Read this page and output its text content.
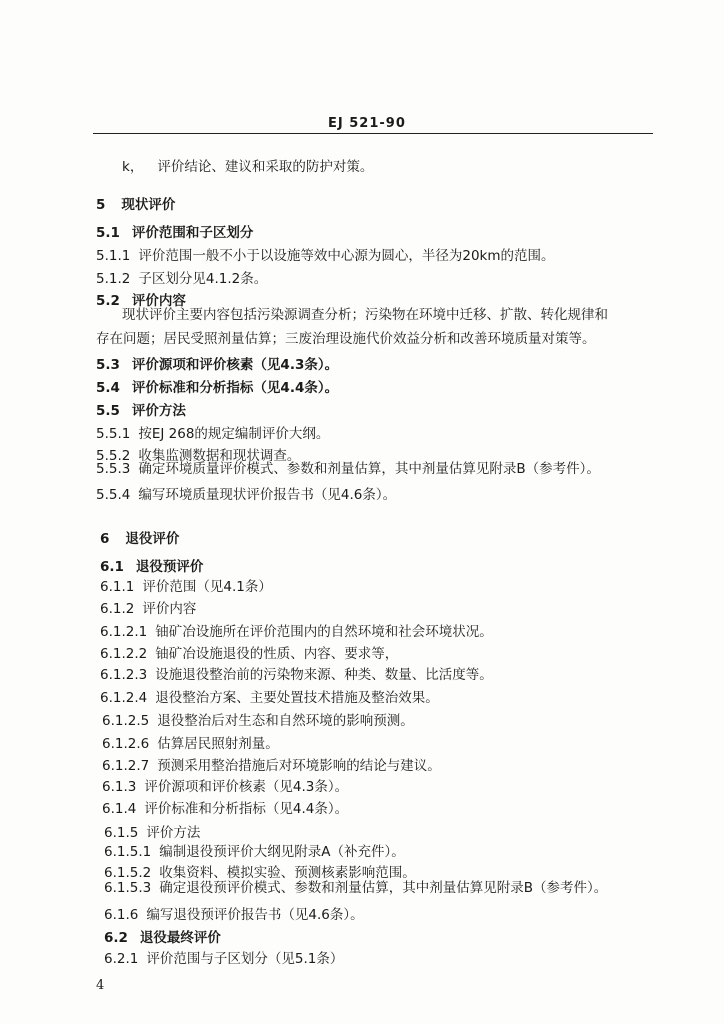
EJ 521-90
k， 评价结论、建议和采取的防护对策。
5 现状评价
5.1 评价范围和子区划分
5.1.1 评价范围一般不小于以设施等效中心源为圆心，半径为20km的范围。
5.1.2 子区划分见4.1.2条。
5.2 评价内容
现状评价主要内容包括污染源调查分析；污染物在环境中迁移、扩散、转化规律和
存在问题；居民受照剂量估算；三废治理设施代价效益分析和改善环境质量对策等。
5.3 评价源项和评价核素（见4.3条）。
5.4 评价标准和分析指标（见4.4条）。
5.5 评价方法
5.5.1 按EJ 268的规定编制评价大纲。
5.5.2 收集监测数据和现状调查。
5.5.3 确定环境质量评价模式、参数和剂量估算，其中剂量估算见附录B（参考件）。
5.5.4 编写环境质量现状评价报告书（见4.6条）。
6 退役评价
6.1 退役预评价
6.1.1 评价范围（见4.1条）
6.1.2 评价内容
6.1.2.1 铀矿冶设施所在评价范围内的自然环境和社会环境状况。
6.1.2.2 铀矿冶设施退役的性质、内容、要求等，
6.1.2.3 设施退役整治前的污染物来源、种类、数量、比活度等。
6.1.2.4 退役整治方案、主要处置技术措施及整治效果。
6.1.2.5 退役整治后对生态和自然环境的影响预测。
6.1.2.6 估算居民照射剂量。
6.1.2.7 预测采用整治措施后对环境影响的结论与建议。
6.1.3 评价源项和评价核素（见4.3条）。
6.1.4 评价标准和分析指标（见4.4条）。
6.1.5 评价方法
6.1.5.1 编制退役预评价大纲见附录A（补充件）。
6.1.5.2 收集资料、模拟实验、预测核素影响范围。
6.1.5.3 确定退役预评价模式、参数和剂量估算，其中剂量估算见附录B（参考件）。
6.1.6 编写退役预评价报告书（见4.6条）。
6.2 退役最终评价
6.2.1 评价范围与子区划分（见5.1条）
4
